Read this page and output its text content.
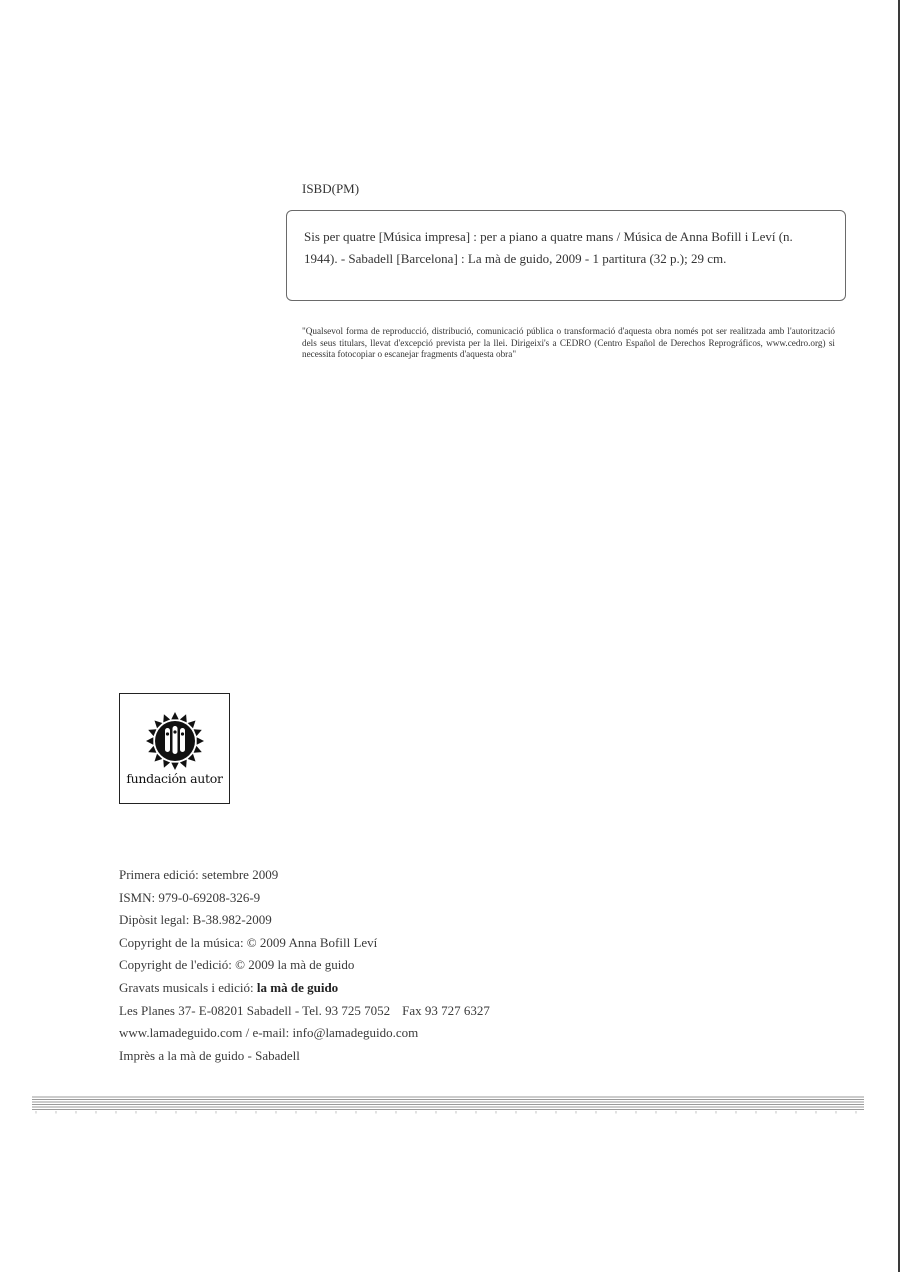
ISBD(PM)
Sis per quatre [Música impresa] : per a piano a quatre mans / Música de Anna Bofill i Leví (n. 1944). - Sabadell [Barcelona] : La mà de guido, 2009 - 1 partitura (32 p.); 29 cm.
"Qualsevol forma de reproducció, distribució, comunicació pública o transformació d'aquesta obra només pot ser realitzada amb l'autorització dels seus titulars, llevat d'excepció prevista per la llei. Dirigeixi's a CEDRO (Centro Español de Derechos Reprográficos, www.cedro.org) si necessita fotocopiar o escanejar fragments d'aquesta obra"
fundación autor
Primera edició: setembre 2009
ISMN: 979-0-69208-326-9
Dipòsit legal: B-38.982-2009
Copyright de la música: © 2009 Anna Bofill Leví
Copyright de l'edició: © 2009 la mà de guido
Gravats musicals i edició: la mà de guido
Les Planes 37- E-08201 Sabadell - Tel. 93 725 7052 Fax 93 727 6327
www.lamadeguido.com / e-mail: info@lamadeguido.com
Imprès a la mà de guido - Sabadell
